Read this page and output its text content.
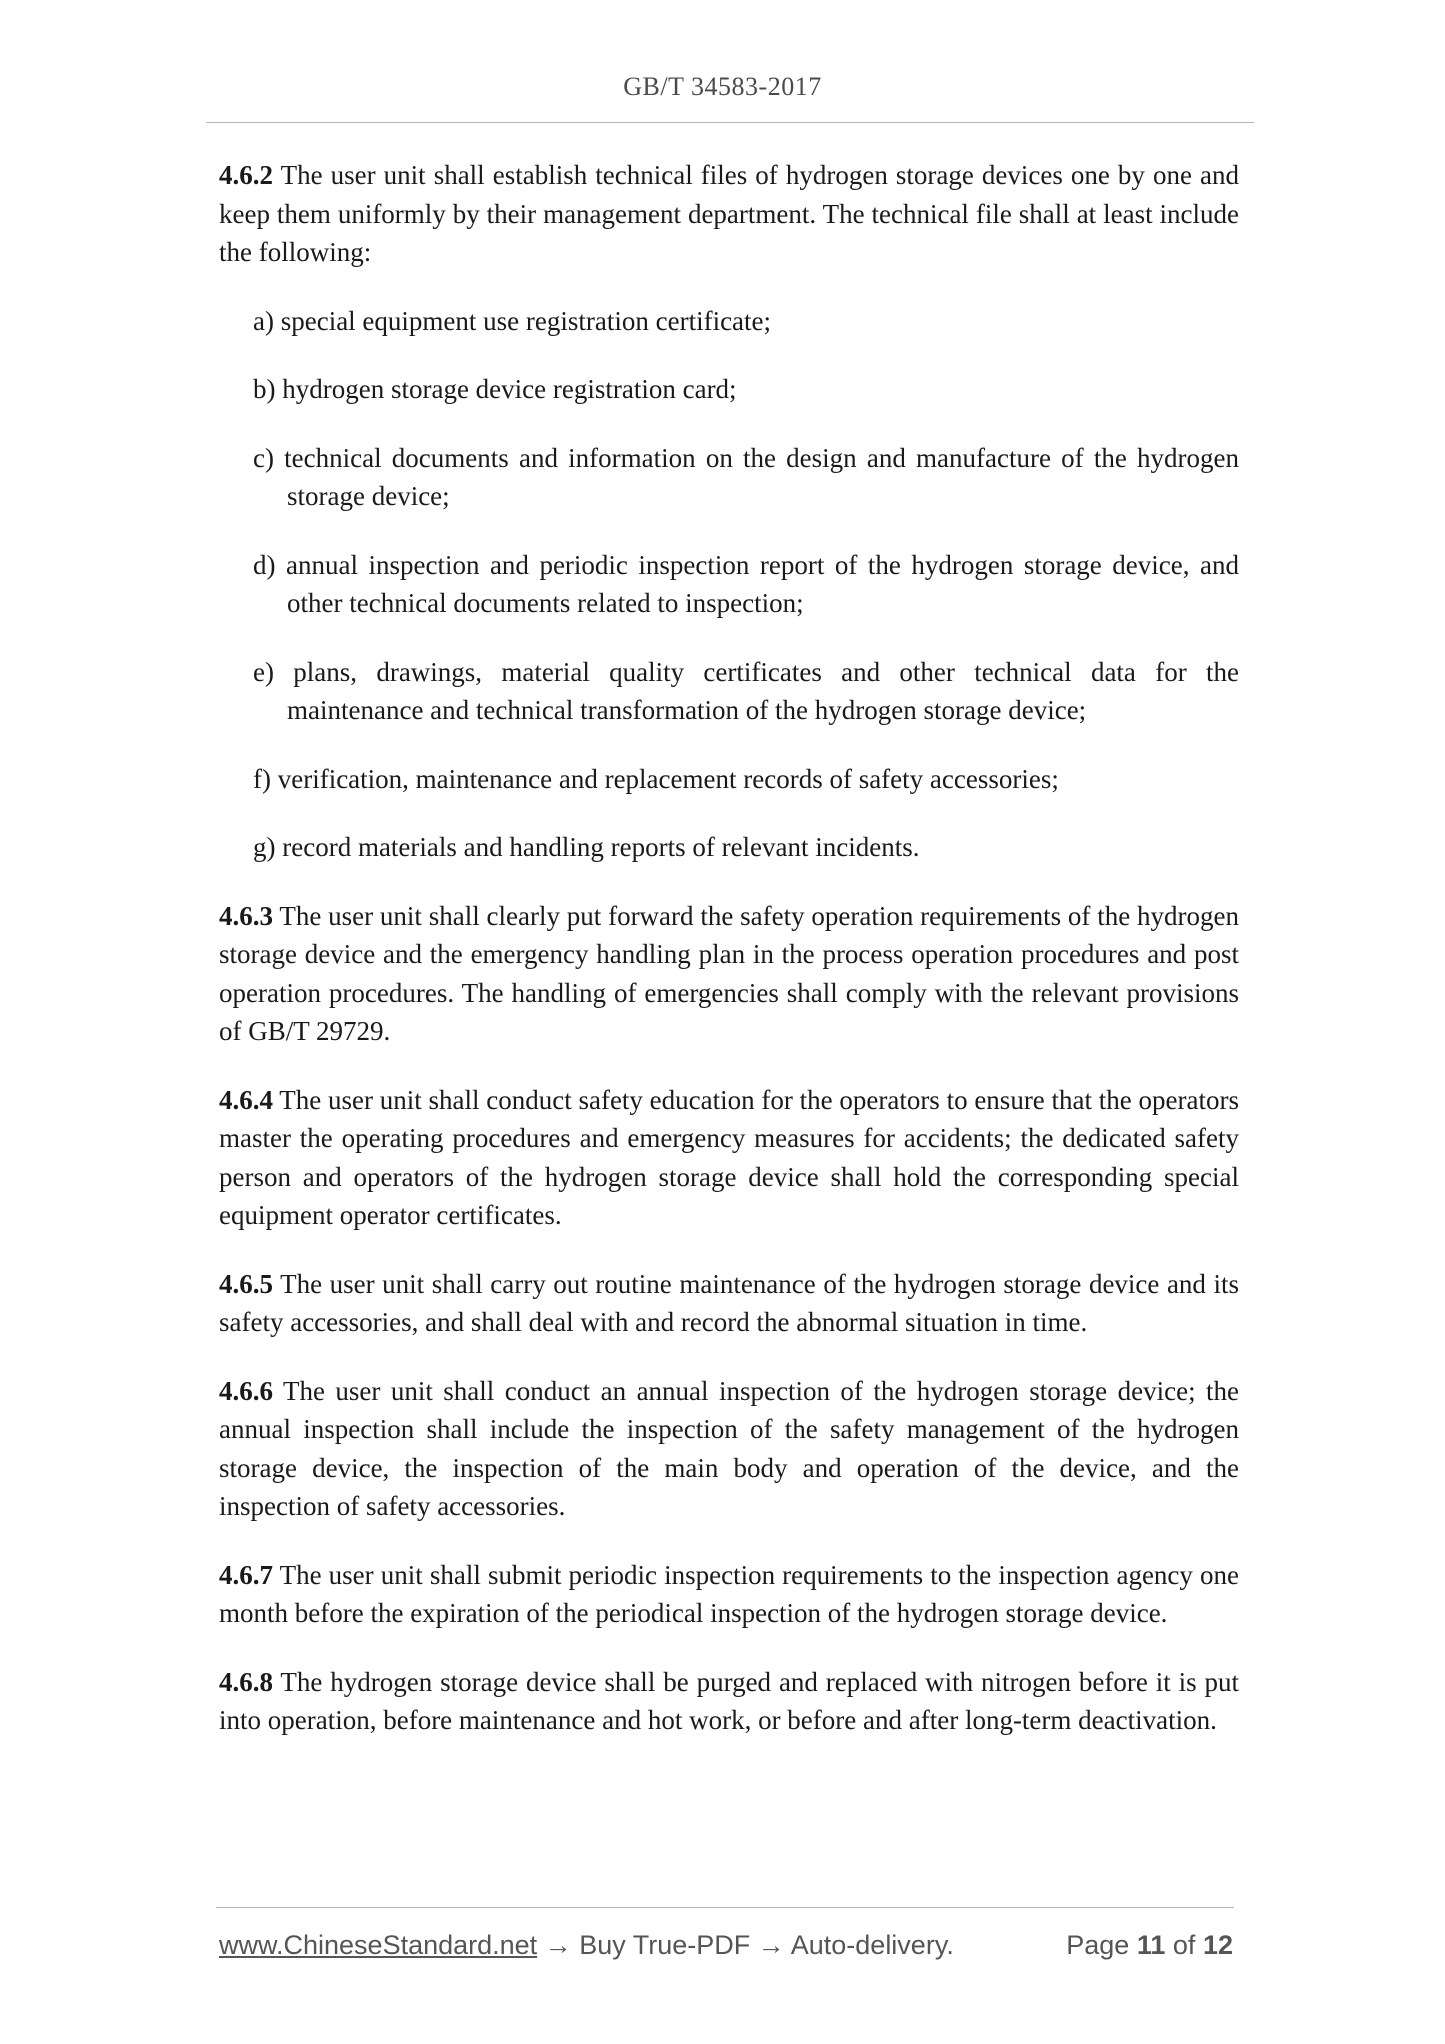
GB/T 34583-2017

4.6.2 The user unit shall establish technical files of hydrogen storage devices one by one and keep them uniformly by their management department. The technical file shall at least include the following:

a) special equipment use registration certificate;
b) hydrogen storage device registration card;
c) technical documents and information on the design and manufacture of the hydrogen storage device;
d) annual inspection and periodic inspection report of the hydrogen storage device, and other technical documents related to inspection;
e) plans, drawings, material quality certificates and other technical data for the maintenance and technical transformation of the hydrogen storage device;
f) verification, maintenance and replacement records of safety accessories;
g) record materials and handling reports of relevant incidents.

4.6.3 The user unit shall clearly put forward the safety operation requirements of the hydrogen storage device and the emergency handling plan in the process operation procedures and post operation procedures. The handling of emergencies shall comply with the relevant provisions of GB/T 29729.

4.6.4 The user unit shall conduct safety education for the operators to ensure that the operators master the operating procedures and emergency measures for accidents; the dedicated safety person and operators of the hydrogen storage device shall hold the corresponding special equipment operator certificates.

4.6.5 The user unit shall carry out routine maintenance of the hydrogen storage device and its safety accessories, and shall deal with and record the abnormal situation in time.

4.6.6 The user unit shall conduct an annual inspection of the hydrogen storage device; the annual inspection shall include the inspection of the safety management of the hydrogen storage device, the inspection of the main body and operation of the device, and the inspection of safety accessories.

4.6.7 The user unit shall submit periodic inspection requirements to the inspection agency one month before the expiration of the periodical inspection of the hydrogen storage device.

4.6.8 The hydrogen storage device shall be purged and replaced with nitrogen before it is put into operation, before maintenance and hot work, or before and after long-term deactivation.

www.ChineseStandard.net → Buy True-PDF → Auto-delivery.	Page 11 of 12
